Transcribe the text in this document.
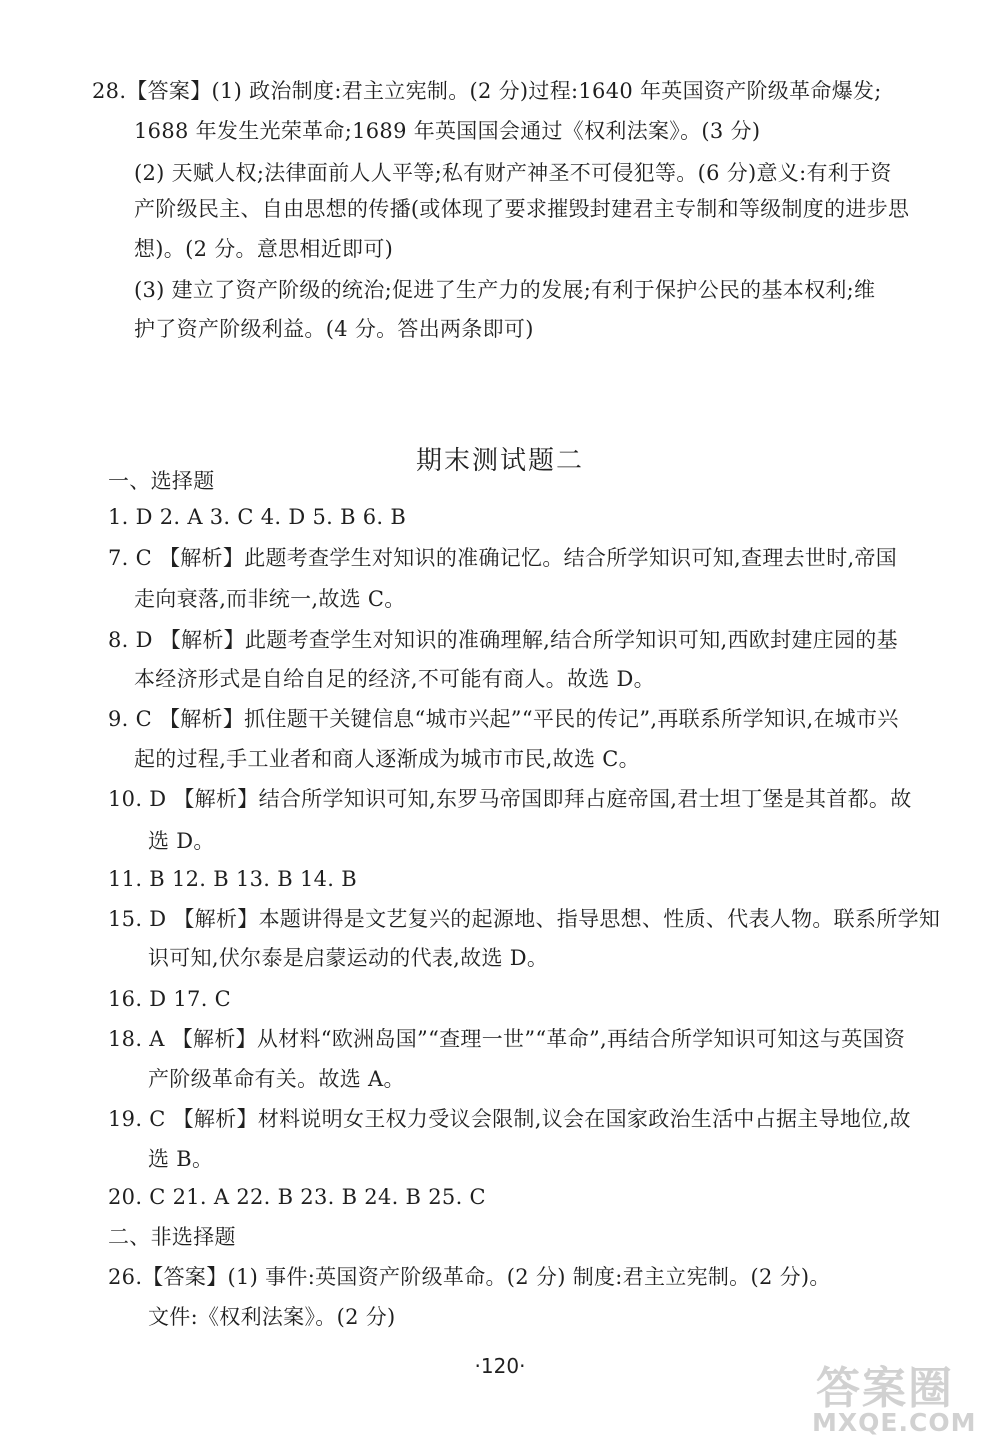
28.【答案】(1) 政治制度:君主立宪制。(2 分)过程:1640 年英国资产阶级革命爆发;
1688 年发生光荣革命;1689 年英国国会通过《权利法案》。(3 分)
(2) 天赋人权;法律面前人人平等;私有财产神圣不可侵犯等。(6 分)意义:有利于资
产阶级民主、自由思想的传播(或体现了要求摧毁封建君主专制和等级制度的进步思
想)。(2 分。意思相近即可)
(3) 建立了资产阶级的统治;促进了生产力的发展;有利于保护公民的基本权利;维
护了资产阶级利益。(4 分。答出两条即可)
期末测试题二
一、选择题
1. D 2. A 3. C 4. D 5. B 6. B
7. C 【解析】此题考查学生对知识的准确记忆。结合所学知识可知,查理去世时,帝国
走向衰落,而非统一,故选 C。
8. D 【解析】此题考查学生对知识的准确理解,结合所学知识可知,西欧封建庄园的基
本经济形式是自给自足的经济,不可能有商人。故选 D。
9. C 【解析】抓住题干关键信息“城市兴起”“平民的传记”,再联系所学知识,在城市兴
起的过程,手工业者和商人逐渐成为城市市民,故选 C。
10. D 【解析】结合所学知识可知,东罗马帝国即拜占庭帝国,君士坦丁堡是其首都。故
选 D。
11. B 12. B 13. B 14. B
15. D 【解析】本题讲得是文艺复兴的起源地、指导思想、性质、代表人物。联系所学知
识可知,伏尔泰是启蒙运动的代表,故选 D。
16. D 17. C
18. A 【解析】从材料“欧洲岛国”“查理一世”“革命”,再结合所学知识可知这与英国资
产阶级革命有关。故选 A。
19. C 【解析】材料说明女王权力受议会限制,议会在国家政治生活中占据主导地位,故
选 B。
20. C 21. A 22. B 23. B 24. B 25. C
二、非选择题
26.【答案】(1) 事件:英国资产阶级革命。(2 分) 制度:君主立宪制。(2 分)。
文件:《权利法案》。(2 分)
·120·	答案圈
MXQE.COM
